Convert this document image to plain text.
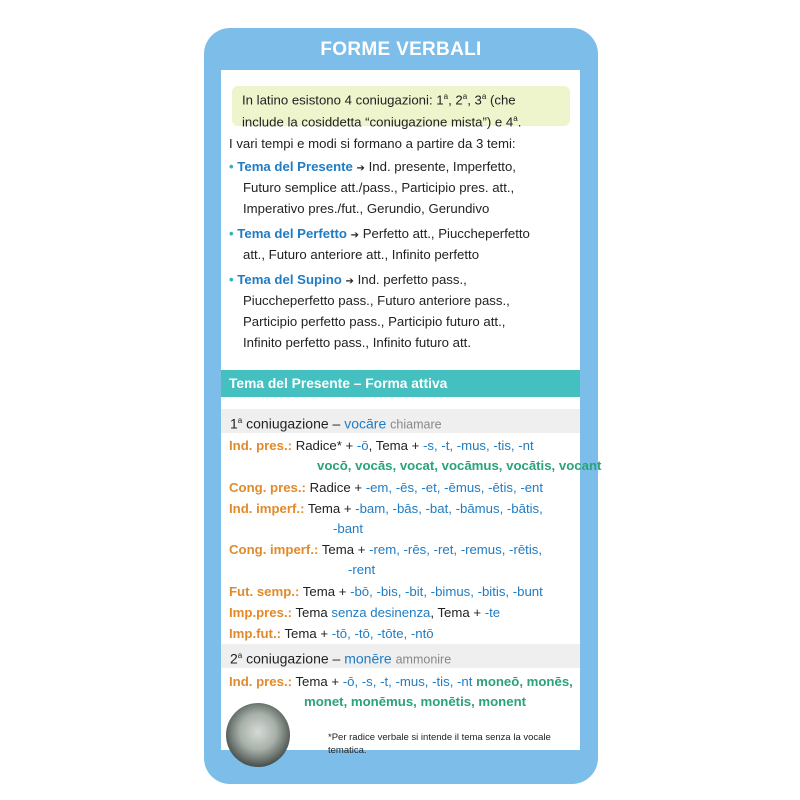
FORME VERBALI
In latino esistono 4 coniugazioni: 1$^a$, 2$^a$, 3$^a$ (che
include la cosiddetta “coniugazione mista”) e 4$^a$.
I vari tempi e modi si formano a partire da 3 temi:
• Tema del Presente ➔ Ind. presente, Imperfetto,
Futuro semplice att./pass., Participio pres. att.,
Imperativo pres./fut., Gerundio, Gerundivo
• Tema del Perfetto ➔ Perfetto att., Piuccheperfetto
att., Futuro anteriore att., Infinito perfetto
• Tema del Supino ➔ Ind. perfetto pass.,
Piuccheperfetto pass., Futuro anteriore pass.,
Participio perfetto pass., Participio futuro att.,
Infinito perfetto pass., Infinito futuro att.
Tema del Presente – Forma attiva
1$^a$ coniugazione – vocāre chiamare
Ind. pres.: Radice* + -ō, Tema + -s, -t, -mus, -tis, -nt
vocō, vocās, vocat, vocāmus, vocātis, vocant
Cong. pres.: Radice + -em, -ēs, -et, -ēmus, -ētis, -ent
Ind. imperf.: Tema + -bam, -bās, -bat, -bāmus, -bātis,
-bant
Cong. imperf.: Tema + -rem, -rēs, -ret, -remus, -rētis,
-rent
Fut. semp.: Tema + -bō, -bis, -bit, -bimus, -bitis, -bunt
Imp.pres.: Tema senza desinenza, Tema + -te
Imp.fut.: Tema + -tō, -tō, -tōte, -ntō
2$^a$ coniugazione – monēre ammonire
Ind. pres.: Tema + -ō, -s, -t, -mus, -tis, -nt moneō, monēs,
monet, monēmus, monētis, monent
*Per radice verbale si intende il tema senza la vocale tematica.
